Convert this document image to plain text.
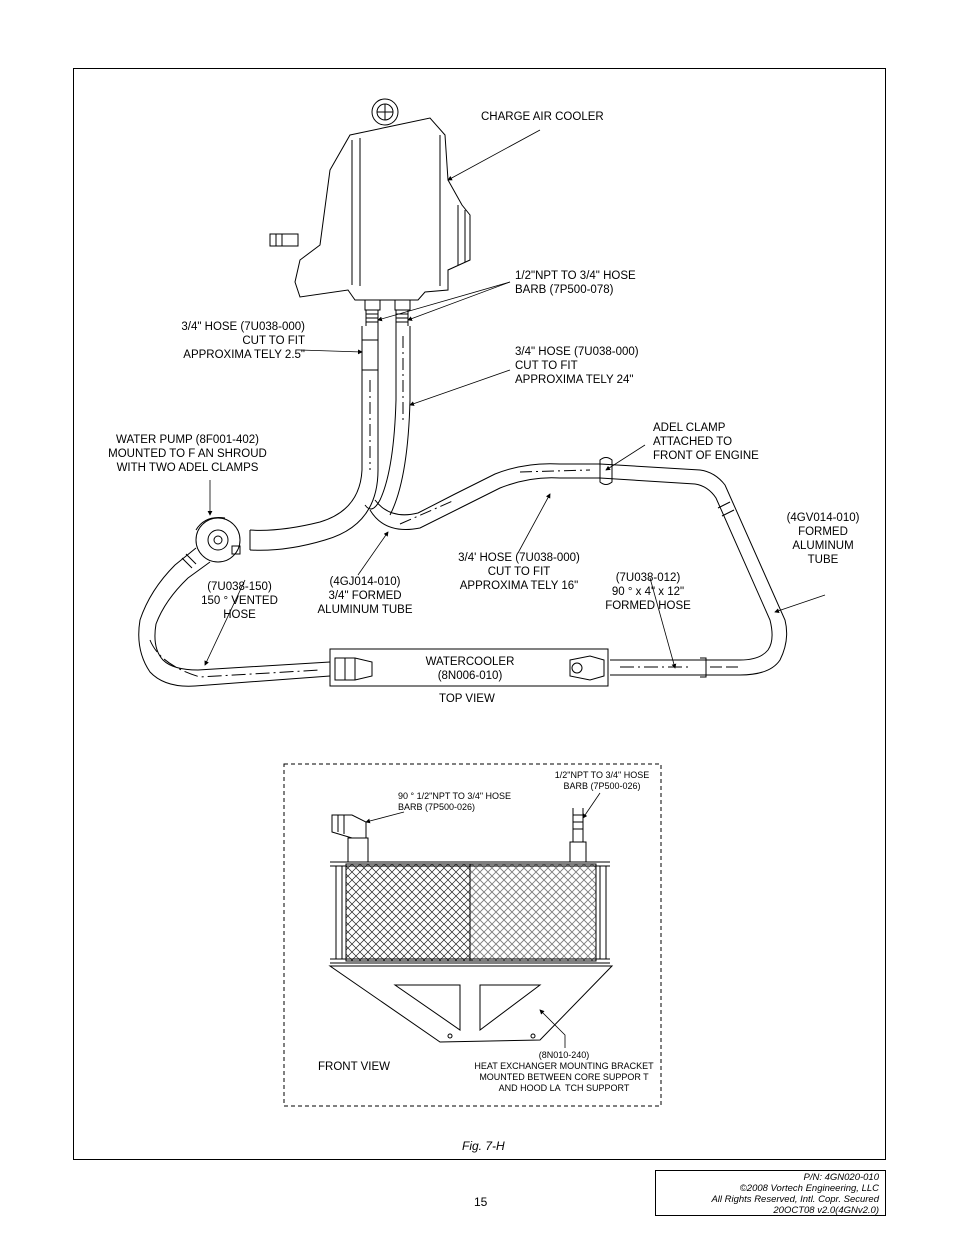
CHARGE AIR COOLER
1/2"NPT TO 3/4" HOSE
BARB (7P500-078)
3/4" HOSE (7U038-000)
CUT TO FIT
APPROXIMA TELY 2.5"	3/4" HOSE (7U038-000)
CUT TO FIT
APPROXIMA TELY 24"
WATER PUMP (8F001-402)
MOUNTED TO F AN SHROUD
WITH TWO ADEL CLAMPS
ADEL CLAMP
ATTACHED TO
FRONT OF ENGINE
(4GV014-010)
FORMED
ALUMINUM
TUBE
(7U038-150)
150 ° VENTED
HOSE
(4GJ014-010)
3/4" FORMED
ALUMINUM TUBE
3/4' HOSE (7U038-000)
CUT TO FIT
APPROXIMA TELY 16"
(7U038-012)
90 ° x 4" x 12"
FORMED HOSE
WATERCOOLER
(8N006-010)
TOP VIEW
90 ° 1/2"NPT TO 3/4" HOSE
BARB (7P500-026)
1/2"NPT TO 3/4" HOSE
BARB (7P500-026)
FRONT VIEW
(8N010-240)
HEAT EXCHANGER MOUNTING BRACKET
MOUNTED BETWEEN CORE SUPPOR T
AND HOOD LA  TCH SUPPORT
Fig. 7-H
15
P/N: 4GN020-010
©2008 Vortech Engineering, LLC
All Rights Reserved, Intl. Copr. Secured
20OCT08 v2.0(4GNv2.0)
